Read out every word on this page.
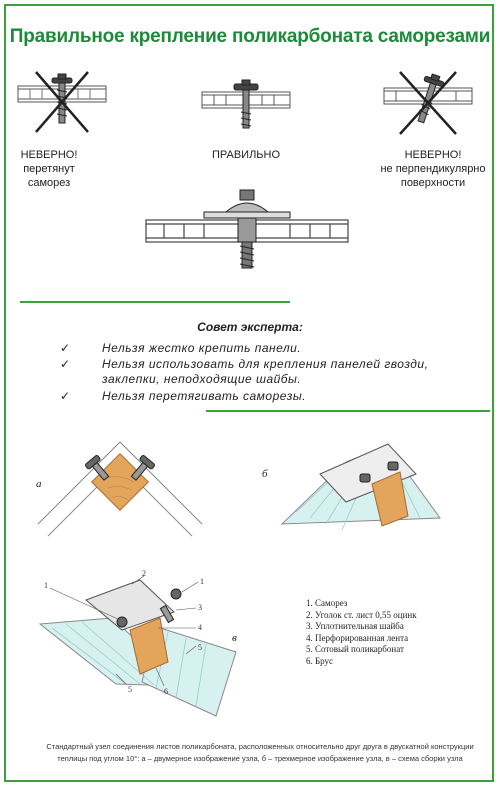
Правильное крепление поликарбоната саморезами
НЕВЕРНО!
перетянут
саморез
ПРАВИЛЬНО	НЕВЕРНО!
не перпендикулярно
поверхности
Совет эксперта:
✓	Нельзя жестко крепить панели.
✓	Нельзя использовать для крепления панелей гвозди, заклепки, неподходящие шайбы.
✓	Нельзя перетягивать саморезы.
а
б
1
2
1
3
4
5
5	6
в
1. Саморез
2. Уголок ст. лист 0,55 оцинк
3. Уплотнительная шайба
4. Перфорированная лента
5. Сотовый поликарбонат
6. Брус
Стандартный узел соединения листов поликарбоната, расположенных относительно друг друга в двускатной конструкции
теплицы под углом 10°: а – двумерное изображение узла, б – трехмерное изображение узла, в – схема сборки узла
